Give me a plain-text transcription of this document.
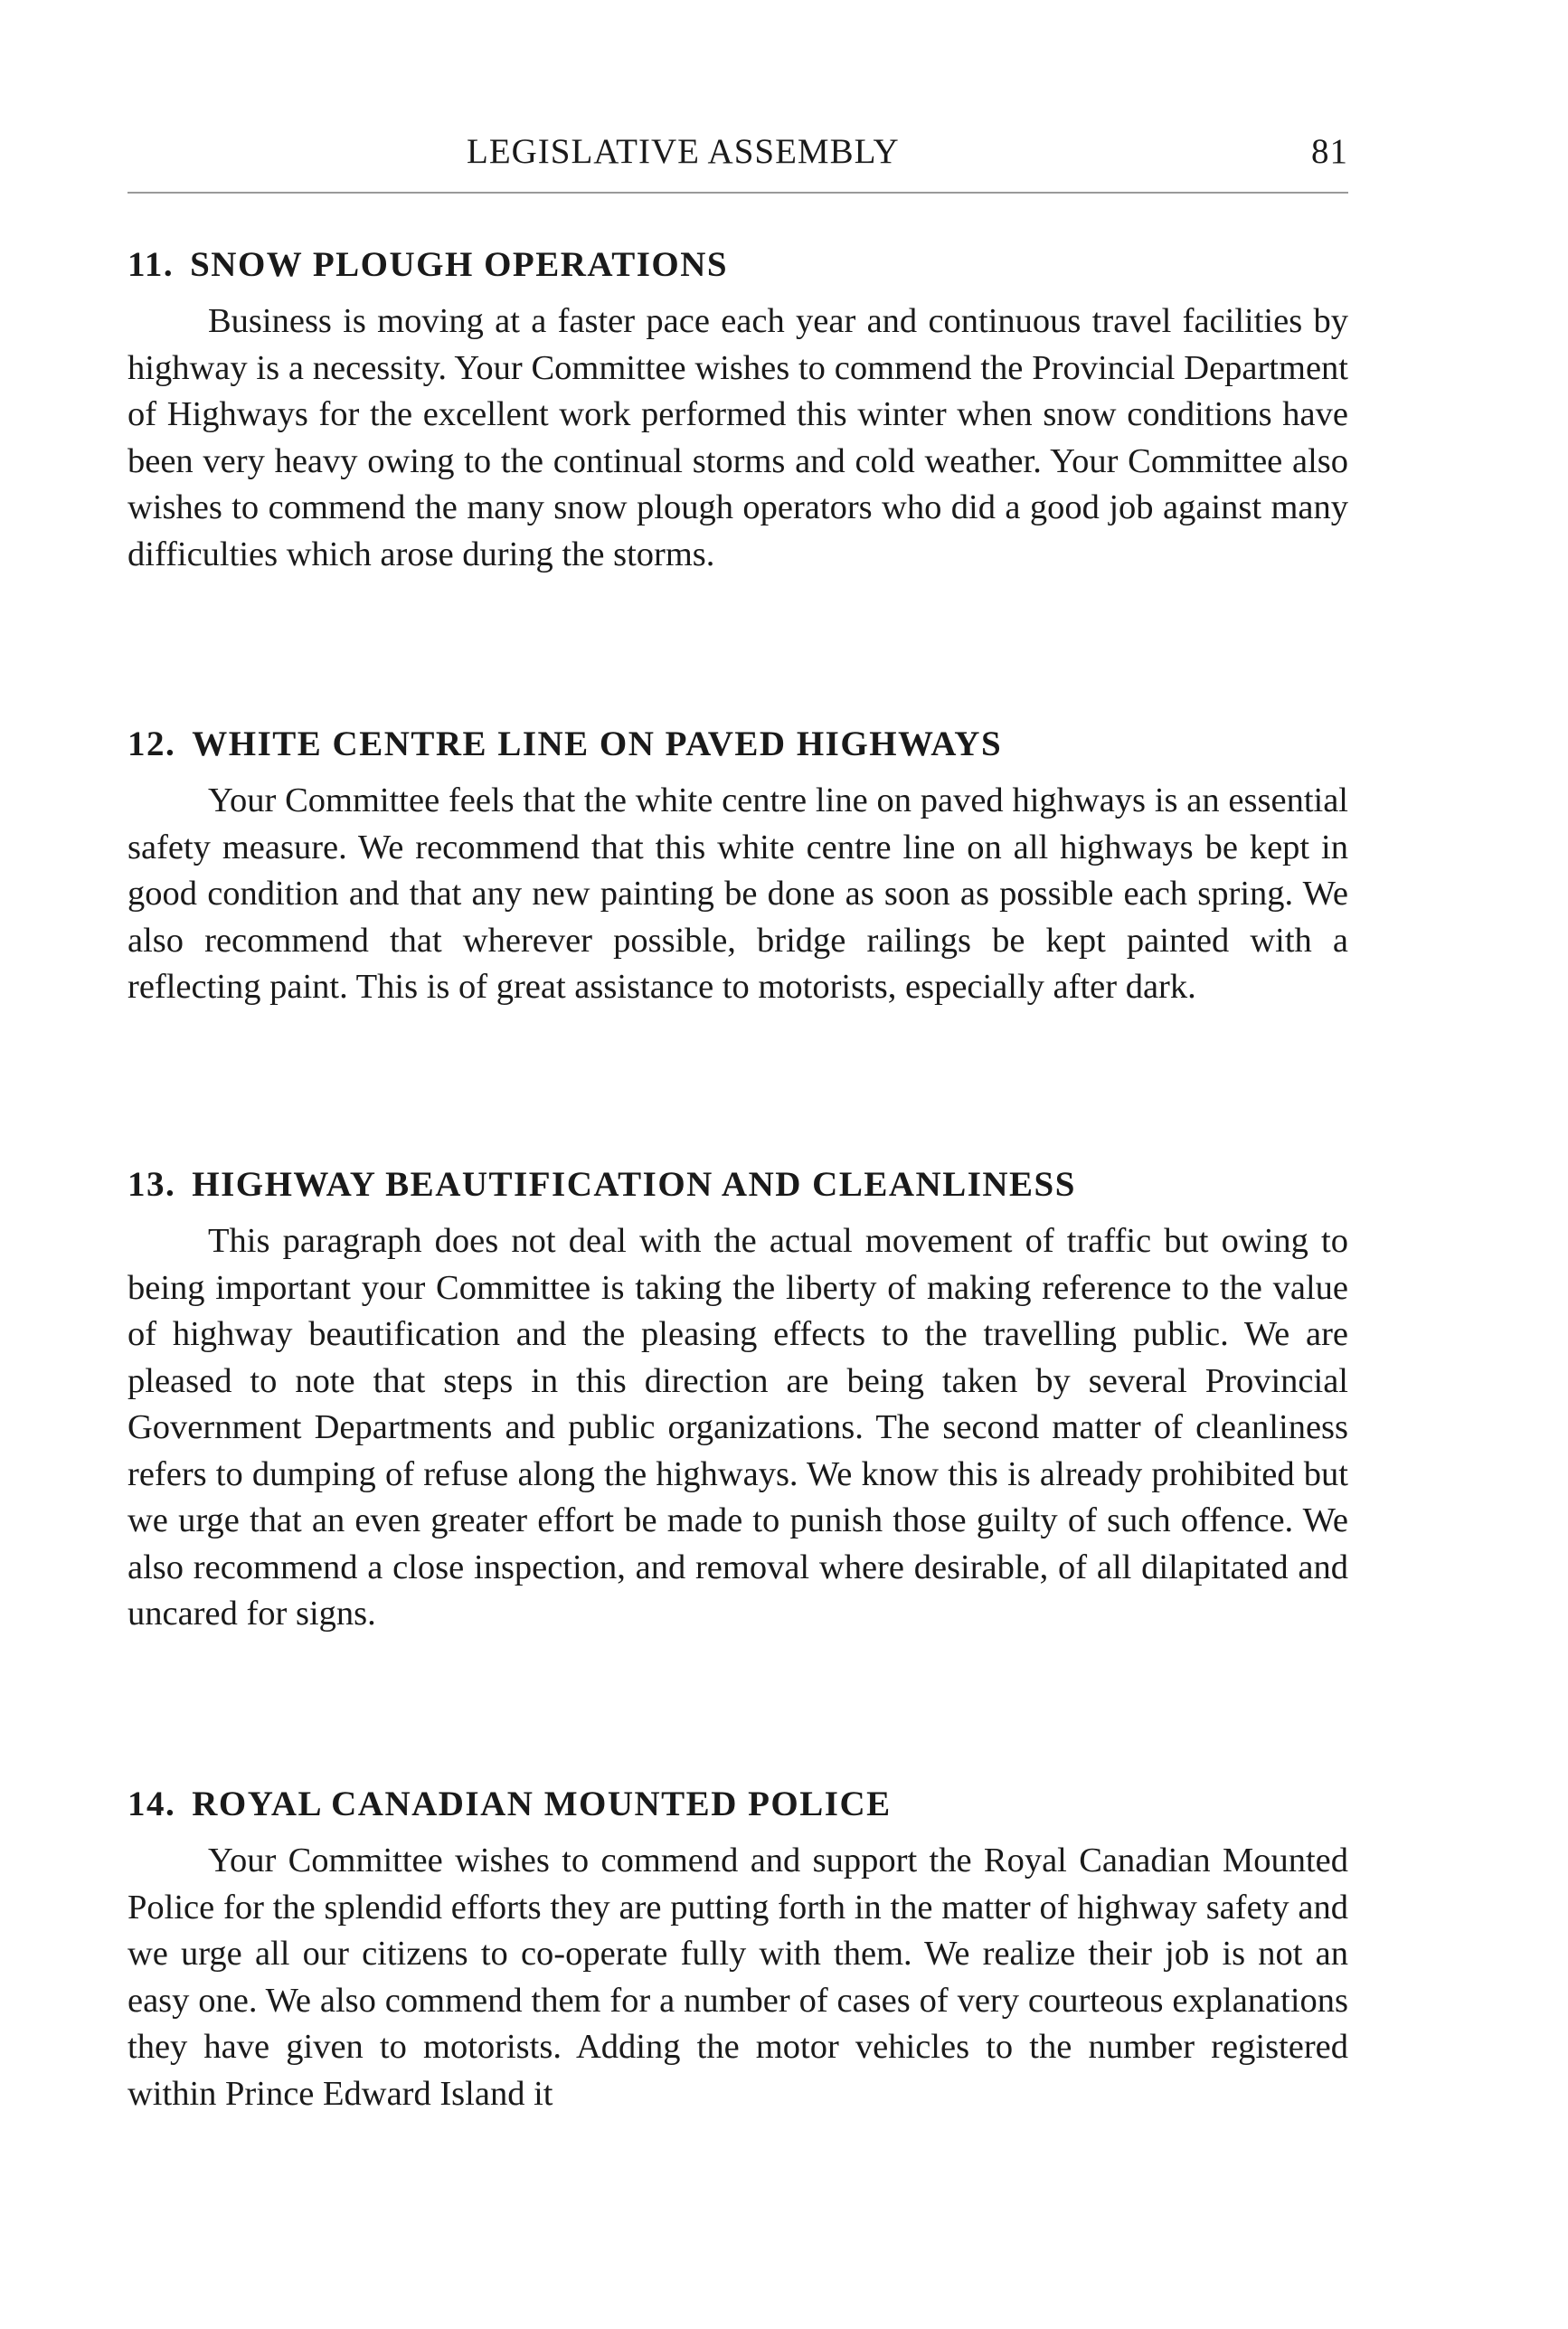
LEGISLATIVE ASSEMBLY	81
11. SNOW PLOUGH OPERATIONS

Business is moving at a faster pace each year and continuous travel facilities by highway is a necessity. Your Committee wishes to commend the Provincial Department of Highways for the excellent work performed this winter when snow conditions have been very heavy owing to the continual storms and cold weather. Your Committee also wishes to commend the many snow plough operators who did a good job against many difficulties which arose during the storms.

12. WHITE CENTRE LINE ON PAVED HIGHWAYS

Your Committee feels that the white centre line on paved highways is an essential safety measure. We recommend that this white centre line on all highways be kept in good condition and that any new painting be done as soon as possible each spring. We also recommend that wherever possible, bridge railings be kept painted with a reflecting paint. This is of great assistance to motorists, especially after dark.

13. HIGHWAY BEAUTIFICATION AND CLEANLINESS

This paragraph does not deal with the actual movement of traffic but owing to being important your Committee is taking the liberty of making reference to the value of highway beautification and the pleasing effects to the travelling public. We are pleased to note that steps in this direction are being taken by several Provincial Government Departments and public organizations. The second matter of cleanliness refers to dumping of refuse along the highways. We know this is already prohibited but we urge that an even greater effort be made to punish those guilty of such offence. We also recommend a close inspection, and removal where desirable, of all dilapitated and uncared for signs.

14. ROYAL CANADIAN MOUNTED POLICE

Your Committee wishes to commend and support the Royal Canadian Mounted Police for the splendid efforts they are putting forth in the matter of highway safety and we urge all our citizens to co-operate fully with them. We realize their job is not an easy one. We also commend them for a number of cases of very courteous explanations they have given to motorists. Adding the motor vehicles to the number registered within Prince Edward Island it
